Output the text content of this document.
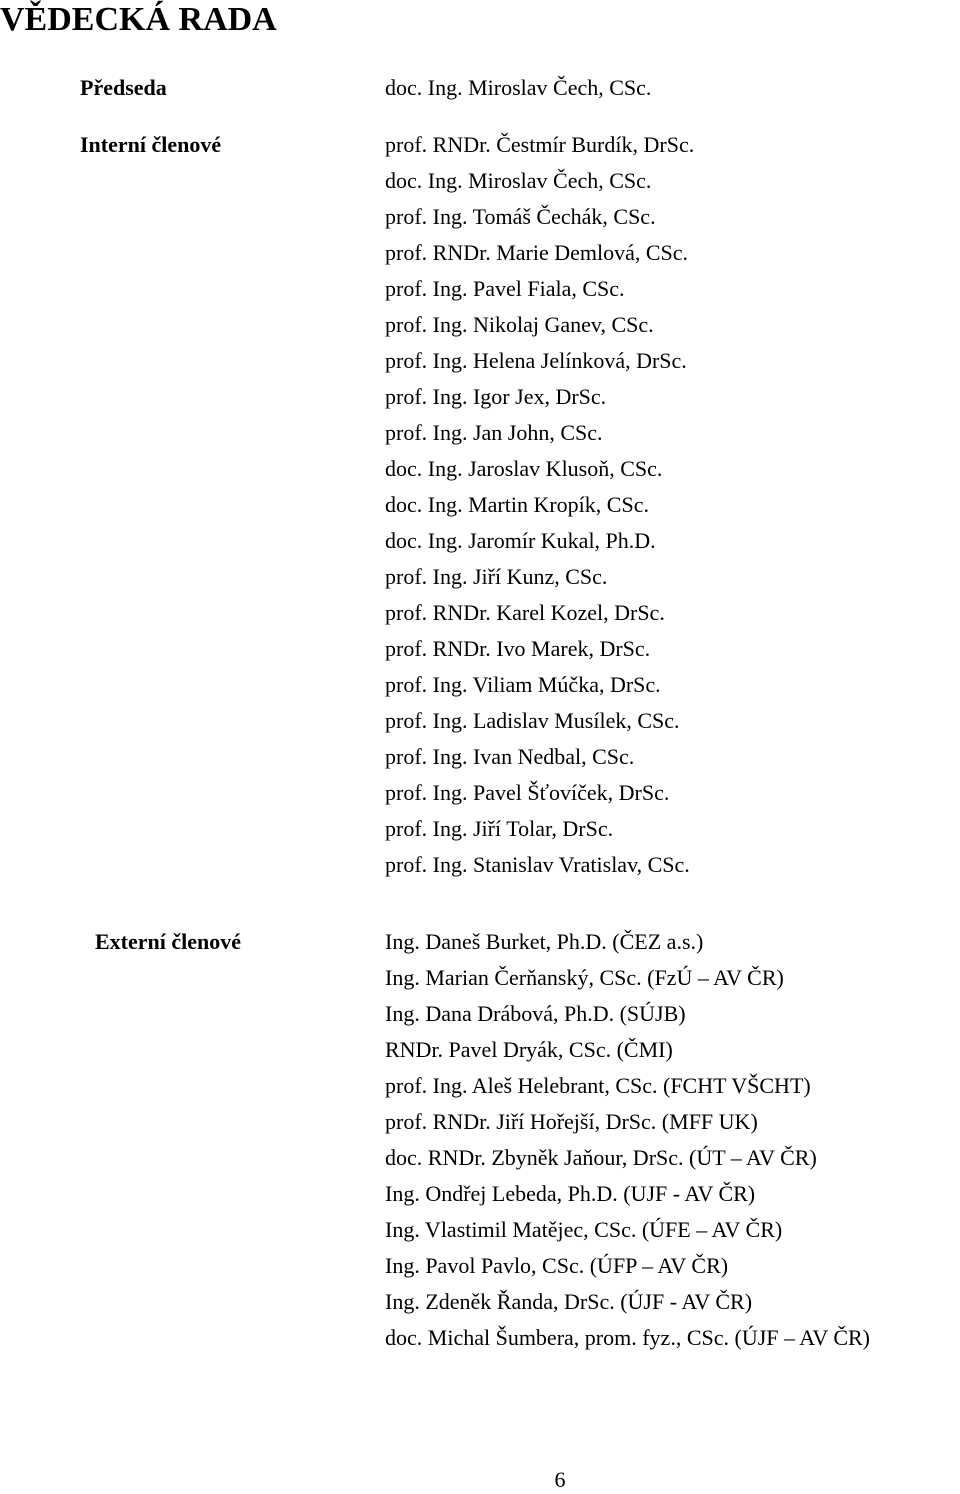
VĚDECKÁ RADA
Předseda	doc. Ing. Miroslav Čech, CSc.
Interní členové	prof. RNDr. Čestmír Burdík, DrSc.
doc. Ing. Miroslav Čech, CSc.
prof. Ing. Tomáš Čechák, CSc.
prof. RNDr. Marie Demlová, CSc.
prof. Ing. Pavel Fiala, CSc.
prof. Ing. Nikolaj Ganev, CSc.
prof. Ing. Helena Jelínková, DrSc.
prof. Ing. Igor Jex, DrSc.
prof. Ing. Jan John, CSc.
doc. Ing. Jaroslav Klusoň, CSc.
doc. Ing. Martin Kropík, CSc.
doc. Ing. Jaromír Kukal, Ph.D.
prof. Ing. Jiří Kunz, CSc.
prof. RNDr. Karel Kozel, DrSc.
prof. RNDr. Ivo Marek, DrSc.
prof. Ing. Viliam Múčka, DrSc.
prof. Ing. Ladislav Musílek, CSc.
prof. Ing. Ivan Nedbal, CSc.
prof. Ing. Pavel Šťovíček, DrSc.
prof. Ing. Jiří Tolar, DrSc.
prof. Ing. Stanislav Vratislav, CSc.
Externí členové	Ing. Daneš Burket, Ph.D. (ČEZ a.s.)
Ing. Marian Čerňanský, CSc. (FzÚ – AV ČR)
Ing. Dana Drábová, Ph.D. (SÚJB)
RNDr. Pavel Dryák, CSc. (ČMI)
prof. Ing. Aleš Helebrant, CSc. (FCHT VŠCHT)
prof. RNDr. Jiří Hořejší, DrSc. (MFF UK)
doc. RNDr. Zbyněk Jaňour, DrSc. (ÚT – AV ČR)
Ing. Ondřej Lebeda, Ph.D. (UJF - AV ČR)
Ing. Vlastimil Matějec, CSc. (ÚFE – AV ČR)
Ing. Pavol Pavlo, CSc. (ÚFP – AV ČR)
Ing. Zdeněk Řanda, DrSc. (ÚJF - AV ČR)
doc. Michal Šumbera, prom. fyz., CSc. (ÚJF – AV ČR)
6
